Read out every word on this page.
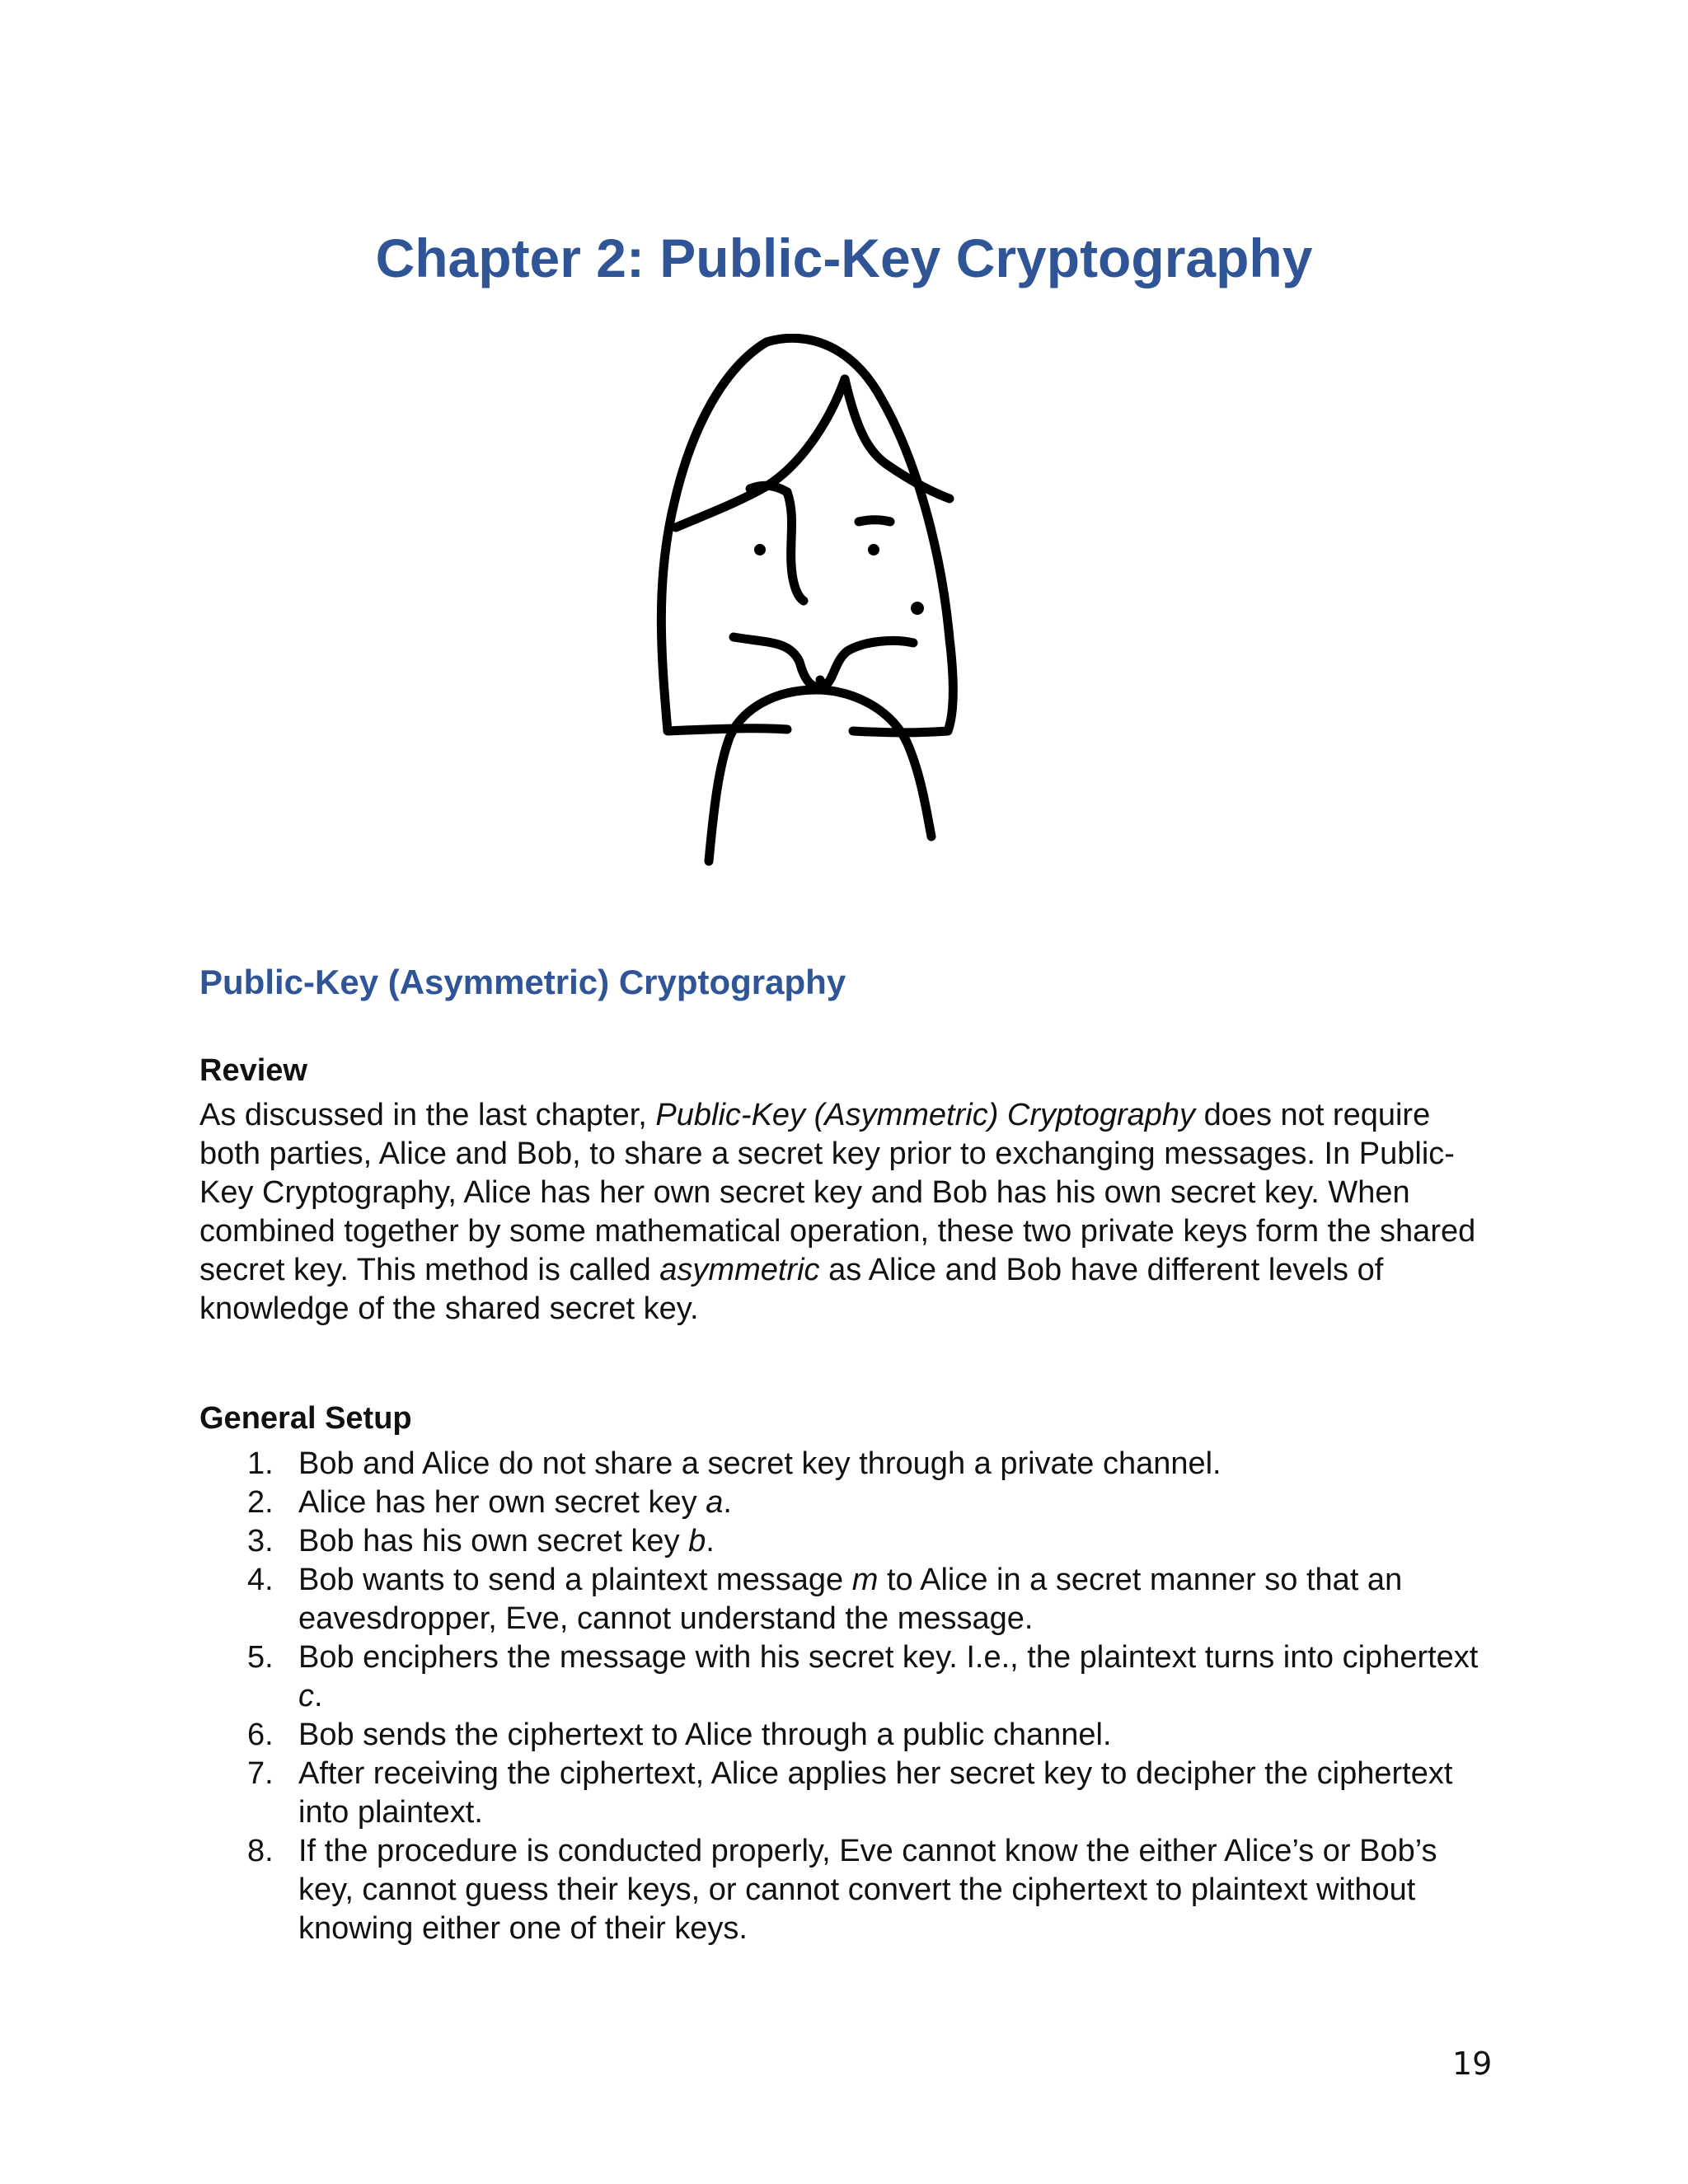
Chapter 2: Public-Key Cryptography
Public-Key (Asymmetric) Cryptography
Review

As discussed in the last chapter, Public-Key (Asymmetric) Cryptography does not require both parties, Alice and Bob, to share a secret key prior to exchanging messages. In Public-Key Cryptography, Alice has her own secret key and Bob has his own secret key. When combined together by some mathematical operation, these two private keys form the shared secret key. This method is called asymmetric as Alice and Bob have different levels of knowledge of the shared secret key.

General Setup
1. Bob and Alice do not share a secret key through a private channel.
2. Alice has her own secret key a.
3. Bob has his own secret key b.
4. Bob wants to send a plaintext message m to Alice in a secret manner so that an eavesdropper, Eve, cannot understand the message.
5. Bob enciphers the message with his secret key. I.e., the plaintext turns into ciphertext c.
6. Bob sends the ciphertext to Alice through a public channel.
7. After receiving the ciphertext, Alice applies her secret key to decipher the ciphertext into plaintext.
8. If the procedure is conducted properly, Eve cannot know the either Alice’s or Bob’s key, cannot guess their keys, or cannot convert the ciphertext to plaintext without knowing either one of their keys.
19
